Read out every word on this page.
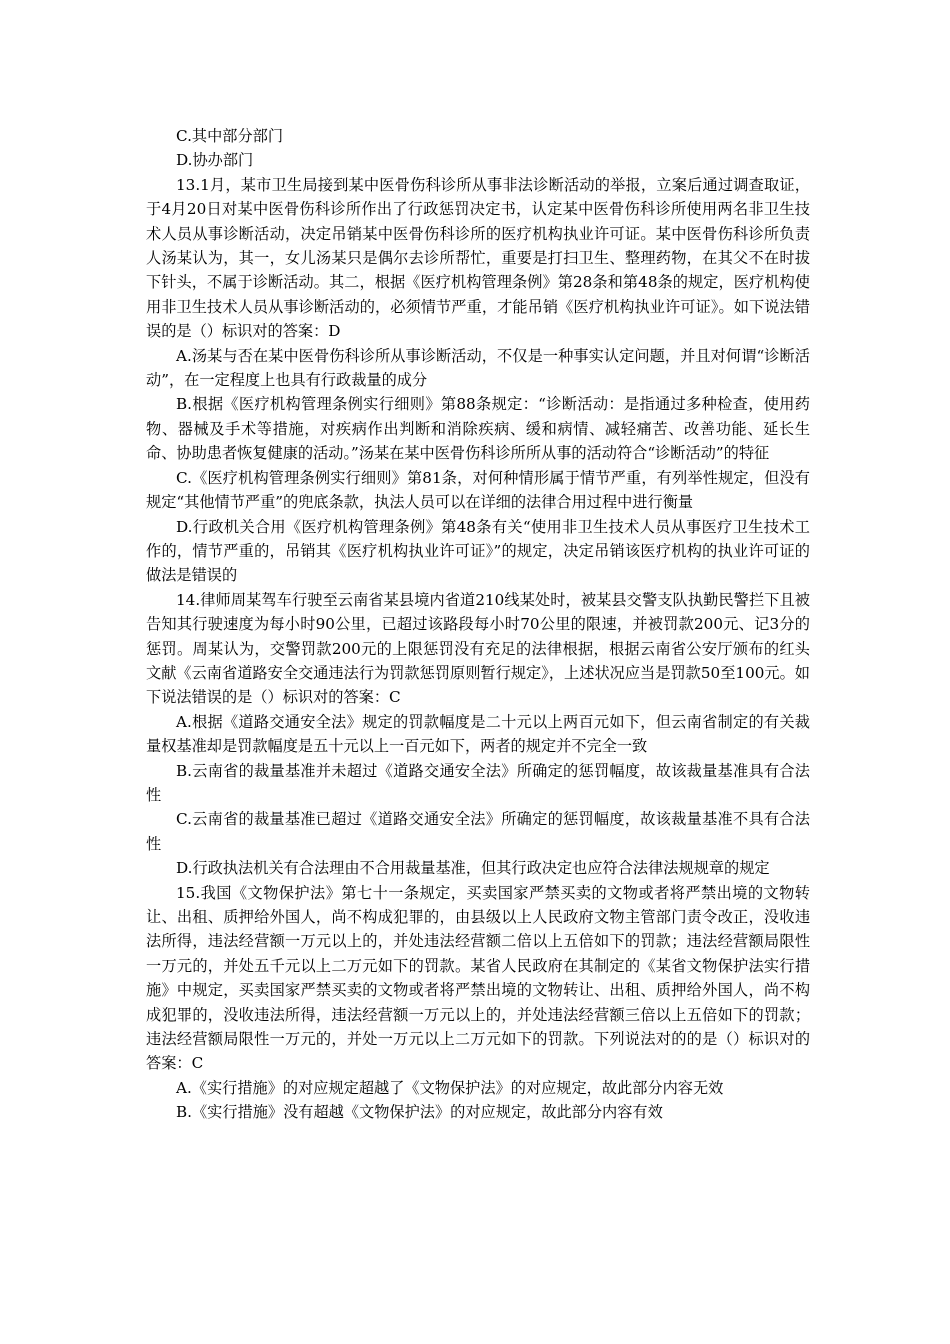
C.其中部分部门

D.协办部门

13.1月，某市卫生局接到某中医骨伤科诊所从事非法诊断活动的举报，立案后通过调查取证，于4月20日对某中医骨伤科诊所作出了行政惩罚决定书，认定某中医骨伤科诊所使用两名非卫生技术人员从事诊断活动，决定吊销某中医骨伤科诊所的医疗机构执业许可证。某中医骨伤科诊所负责人汤某认为，其一，女儿汤某只是偶尔去诊所帮忙，重要是打扫卫生、整理药物，在其父不在时拔下针头，不属于诊断活动。其二，根据《医疗机构管理条例》第28条和第48条的规定，医疗机构使用非卫生技术人员从事诊断活动的，必须情节严重，才能吊销《医疗机构执业许可证》。如下说法错误的是（）标识对的答案：D

A.汤某与否在某中医骨伤科诊所从事诊断活动，不仅是一种事实认定问题，并且对何谓“诊断活动”，在一定程度上也具有行政裁量的成分

B.根据《医疗机构管理条例实行细则》第88条规定：“诊断活动：是指通过多种检查，使用药物、器械及手术等措施，对疾病作出判断和消除疾病、缓和病情、减轻痛苦、改善功能、延长生命、协助患者恢复健康的活动。”汤某在某中医骨伤科诊所所从事的活动符合“诊断活动”的特征

C.《医疗机构管理条例实行细则》第81条，对何种情形属于情节严重，有列举性规定，但没有规定“其他情节严重”的兜底条款，执法人员可以在详细的法律合用过程中进行衡量

D.行政机关合用《医疗机构管理条例》第48条有关“使用非卫生技术人员从事医疗卫生技术工作的，情节严重的，吊销其《医疗机构执业许可证》”的规定，决定吊销该医疗机构的执业许可证的做法是错误的

14.律师周某驾车行驶至云南省某县境内省道210线某处时，被某县交警支队执勤民警拦下且被告知其行驶速度为每小时90公里，已超过该路段每小时70公里的限速，并被罚款200元、记3分的惩罚。周某认为，交警罚款200元的上限惩罚没有充足的法律根据，根据云南省公安厅颁布的红头文献《云南省道路安全交通违法行为罚款惩罚原则暂行规定》，上述状况应当是罚款50至100元。如下说法错误的是（）标识对的答案：C

A.根据《道路交通安全法》规定的罚款幅度是二十元以上两百元如下，但云南省制定的有关裁量权基准却是罚款幅度是五十元以上一百元如下，两者的规定并不完全一致

B.云南省的裁量基准并未超过《道路交通安全法》所确定的惩罚幅度，故该裁量基准具有合法性

C.云南省的裁量基准已超过《道路交通安全法》所确定的惩罚幅度，故该裁量基准不具有合法性

D.行政执法机关有合法理由不合用裁量基准，但其行政决定也应符合法律法规规章的规定

15.我国《文物保护法》第七十一条规定，买卖国家严禁买卖的文物或者将严禁出境的文物转让、出租、质押给外国人，尚不构成犯罪的，由县级以上人民政府文物主管部门责令改正，没收违法所得，违法经营额一万元以上的，并处违法经营额二倍以上五倍如下的罚款；违法经营额局限性一万元的，并处五千元以上二万元如下的罚款。某省人民政府在其制定的《某省文物保护法实行措施》中规定，买卖国家严禁买卖的文物或者将严禁出境的文物转让、出租、质押给外国人，尚不构成犯罪的，没收违法所得，违法经营额一万元以上的，并处违法经营额三倍以上五倍如下的罚款；违法经营额局限性一万元的，并处一万元以上二万元如下的罚款。下列说法对的的是（）标识对的答案：C

A.《实行措施》的对应规定超越了《文物保护法》的对应规定，故此部分内容无效

B.《实行措施》没有超越《文物保护法》的对应规定，故此部分内容有效
